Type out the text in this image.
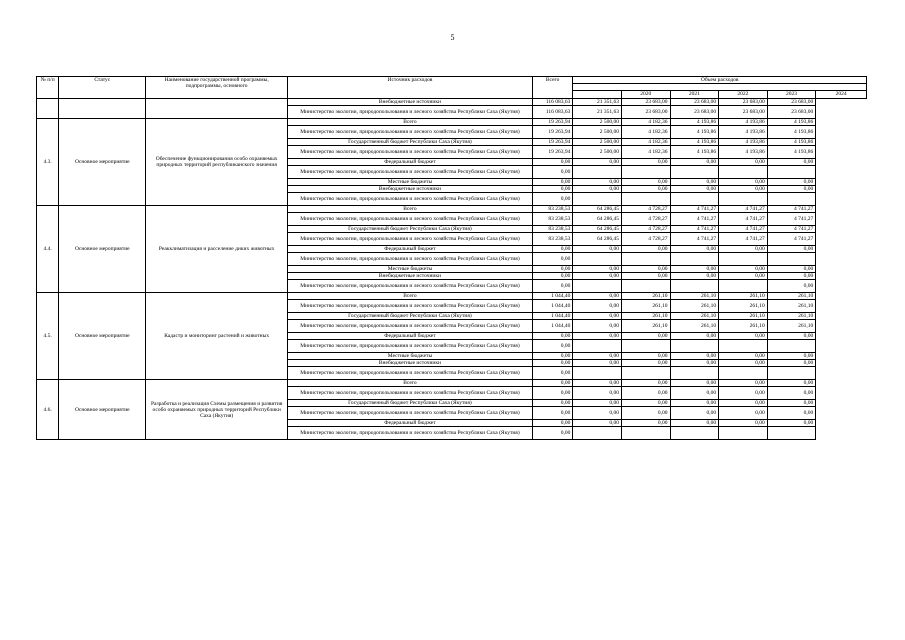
5
№ п/п	Статус	Наименование государственной программы, подпрограммы, основного	Источник расходов	Всего	Объем расходов					

						2020	2021	2022	2023	2024
			Внебюджетные источники	116 083,63	21 351,63	23 683,00	23 683,00	23 683,00	23 683,00	
			Министерство экологии, природопользования и лесного хозяйства Республики Саха (Якутия)	116 083,63	21 351,63	23 683,00	23 683,00	23 683,00	23 683,00	
4.3.	Основное мероприятие	Обеспечение функционирования особо охраняемых природных территорий республиканского значения	Всего	19 263,94	2 500,00	4 182,36	4 193,86	4 193,86	4 193,86	
			Министерство экологии, природопользования и лесного хозяйства Республики Саха (Якутия)	19 263,94	2 500,00	4 182,36	4 193,86	4 193,86	4 193,86	
			Государственный бюджет Республики Саха (Якутия)	19 263,94	2 500,00	4 182,36	4 193,86	4 193,86	4 193,86	
			Министерство экологии, природопользования и лесного хозяйства Республики Саха (Якутия)	19 263,94	2 500,00	4 182,36	4 193,86	4 193,86	4 193,86	
			Федеральный бюджет	0,00	0,00	0,00	0,00	0,00	0,00	
			Министерство экологии, природопользования и лесного хозяйства Республики Саха (Якутия)	0,00						
			Местные бюджеты	0,00	0,00	0,00	0,00	0,00	0,00	
			Внебюджетные источники	0,00	0,00	0,00	0,00	0,00	0,00	
			Министерство экологии, природопользования и лесного хозяйства Республики Саха (Якутия)	0,00						
4.4.	Основное мероприятие	Реакклиматизация и расселение диких животных	Всего	83 238,53	64 286,45	4 728,27	4 741,27	4 741,27	4 741,27	
			Министерство экологии, природопользования и лесного хозяйства Республики Саха (Якутия)	83 238,53	64 286,45	4 728,27	4 741,27	4 741,27	4 741,27	
			Государственный бюджет Республики Саха (Якутия)	83 238,53	64 286,45	4 728,27	4 741,27	4 741,27	4 741,27	
			Министерство экологии, природопользования и лесного хозяйства Республики Саха (Якутия)	83 238,53	64 286,45	4 728,27	4 741,27	4 741,27	4 741,27	
			Федеральный бюджет	0,00	0,00	0,00	0,00	0,00	0,00	
			Министерство экологии, природопользования и лесного хозяйства Республики Саха (Якутия)	0,00						
			Местные бюджеты	0,00	0,00	0,00	0,00	0,00	0,00	
			Внебюджетные источники	0,00	0,00	0,00	0,00	0,00	0,00	
			Министерство экологии, природопользования и лесного хозяйства Республики Саха (Якутия)	0,00					0,00	
4.5.	Основное мероприятие	Кадастр и мониторинг растений и животных	Всего	1 044,40	0,00	261,10	261,10	261,10	261,10	
			Министерство экологии, природопользования и лесного хозяйства Республики Саха (Якутия)	1 044,40	0,00	261,10	261,10	261,10	261,10	
			Государственный бюджет Республики Саха (Якутия)	1 044,40	0,00	261,10	261,10	261,10	261,10	
			Министерство экологии, природопользования и лесного хозяйства Республики Саха (Якутия)	1 044,40	0,00	261,10	261,10	261,10	261,10	
			Федеральный бюджет	0,00	0,00	0,00	0,00	0,00	0,00	
			Министерство экологии, природопользования и лесного хозяйства Республики Саха (Якутия)	0,00						
			Местные бюджеты	0,00	0,00	0,00	0,00	0,00	0,00	
			Внебюджетные источники	0,00	0,00	0,00	0,00	0,00	0,00	
			Министерство экологии, природопользования и лесного хозяйства Республики Саха (Якутия)	0,00						
4.6.	Основное мероприятие	Разработка и реализация Схемы размещения и развития особо охраняемых природных территорий Республики Саха (Якутия)	Всего	0,00	0,00	0,00	0,00	0,00	0,00	
			Министерство экологии, природопользования и лесного хозяйства Республики Саха (Якутия)	0,00	0,00	0,00	0,00	0,00	0,00	
			Государственный бюджет Республики Саха (Якутия)	0,00	0,00	0,00	0,00	0,00	0,00	
			Министерство экологии, природопользования и лесного хозяйства Республики Саха (Якутия)	0,00	0,00	0,00	0,00	0,00	0,00	
			Федеральный бюджет	0,00	0,00	0,00	0,00	0,00	0,00	
			Министерство экологии, природопользования и лесного хозяйства Республики Саха (Якутия)	0,00						
